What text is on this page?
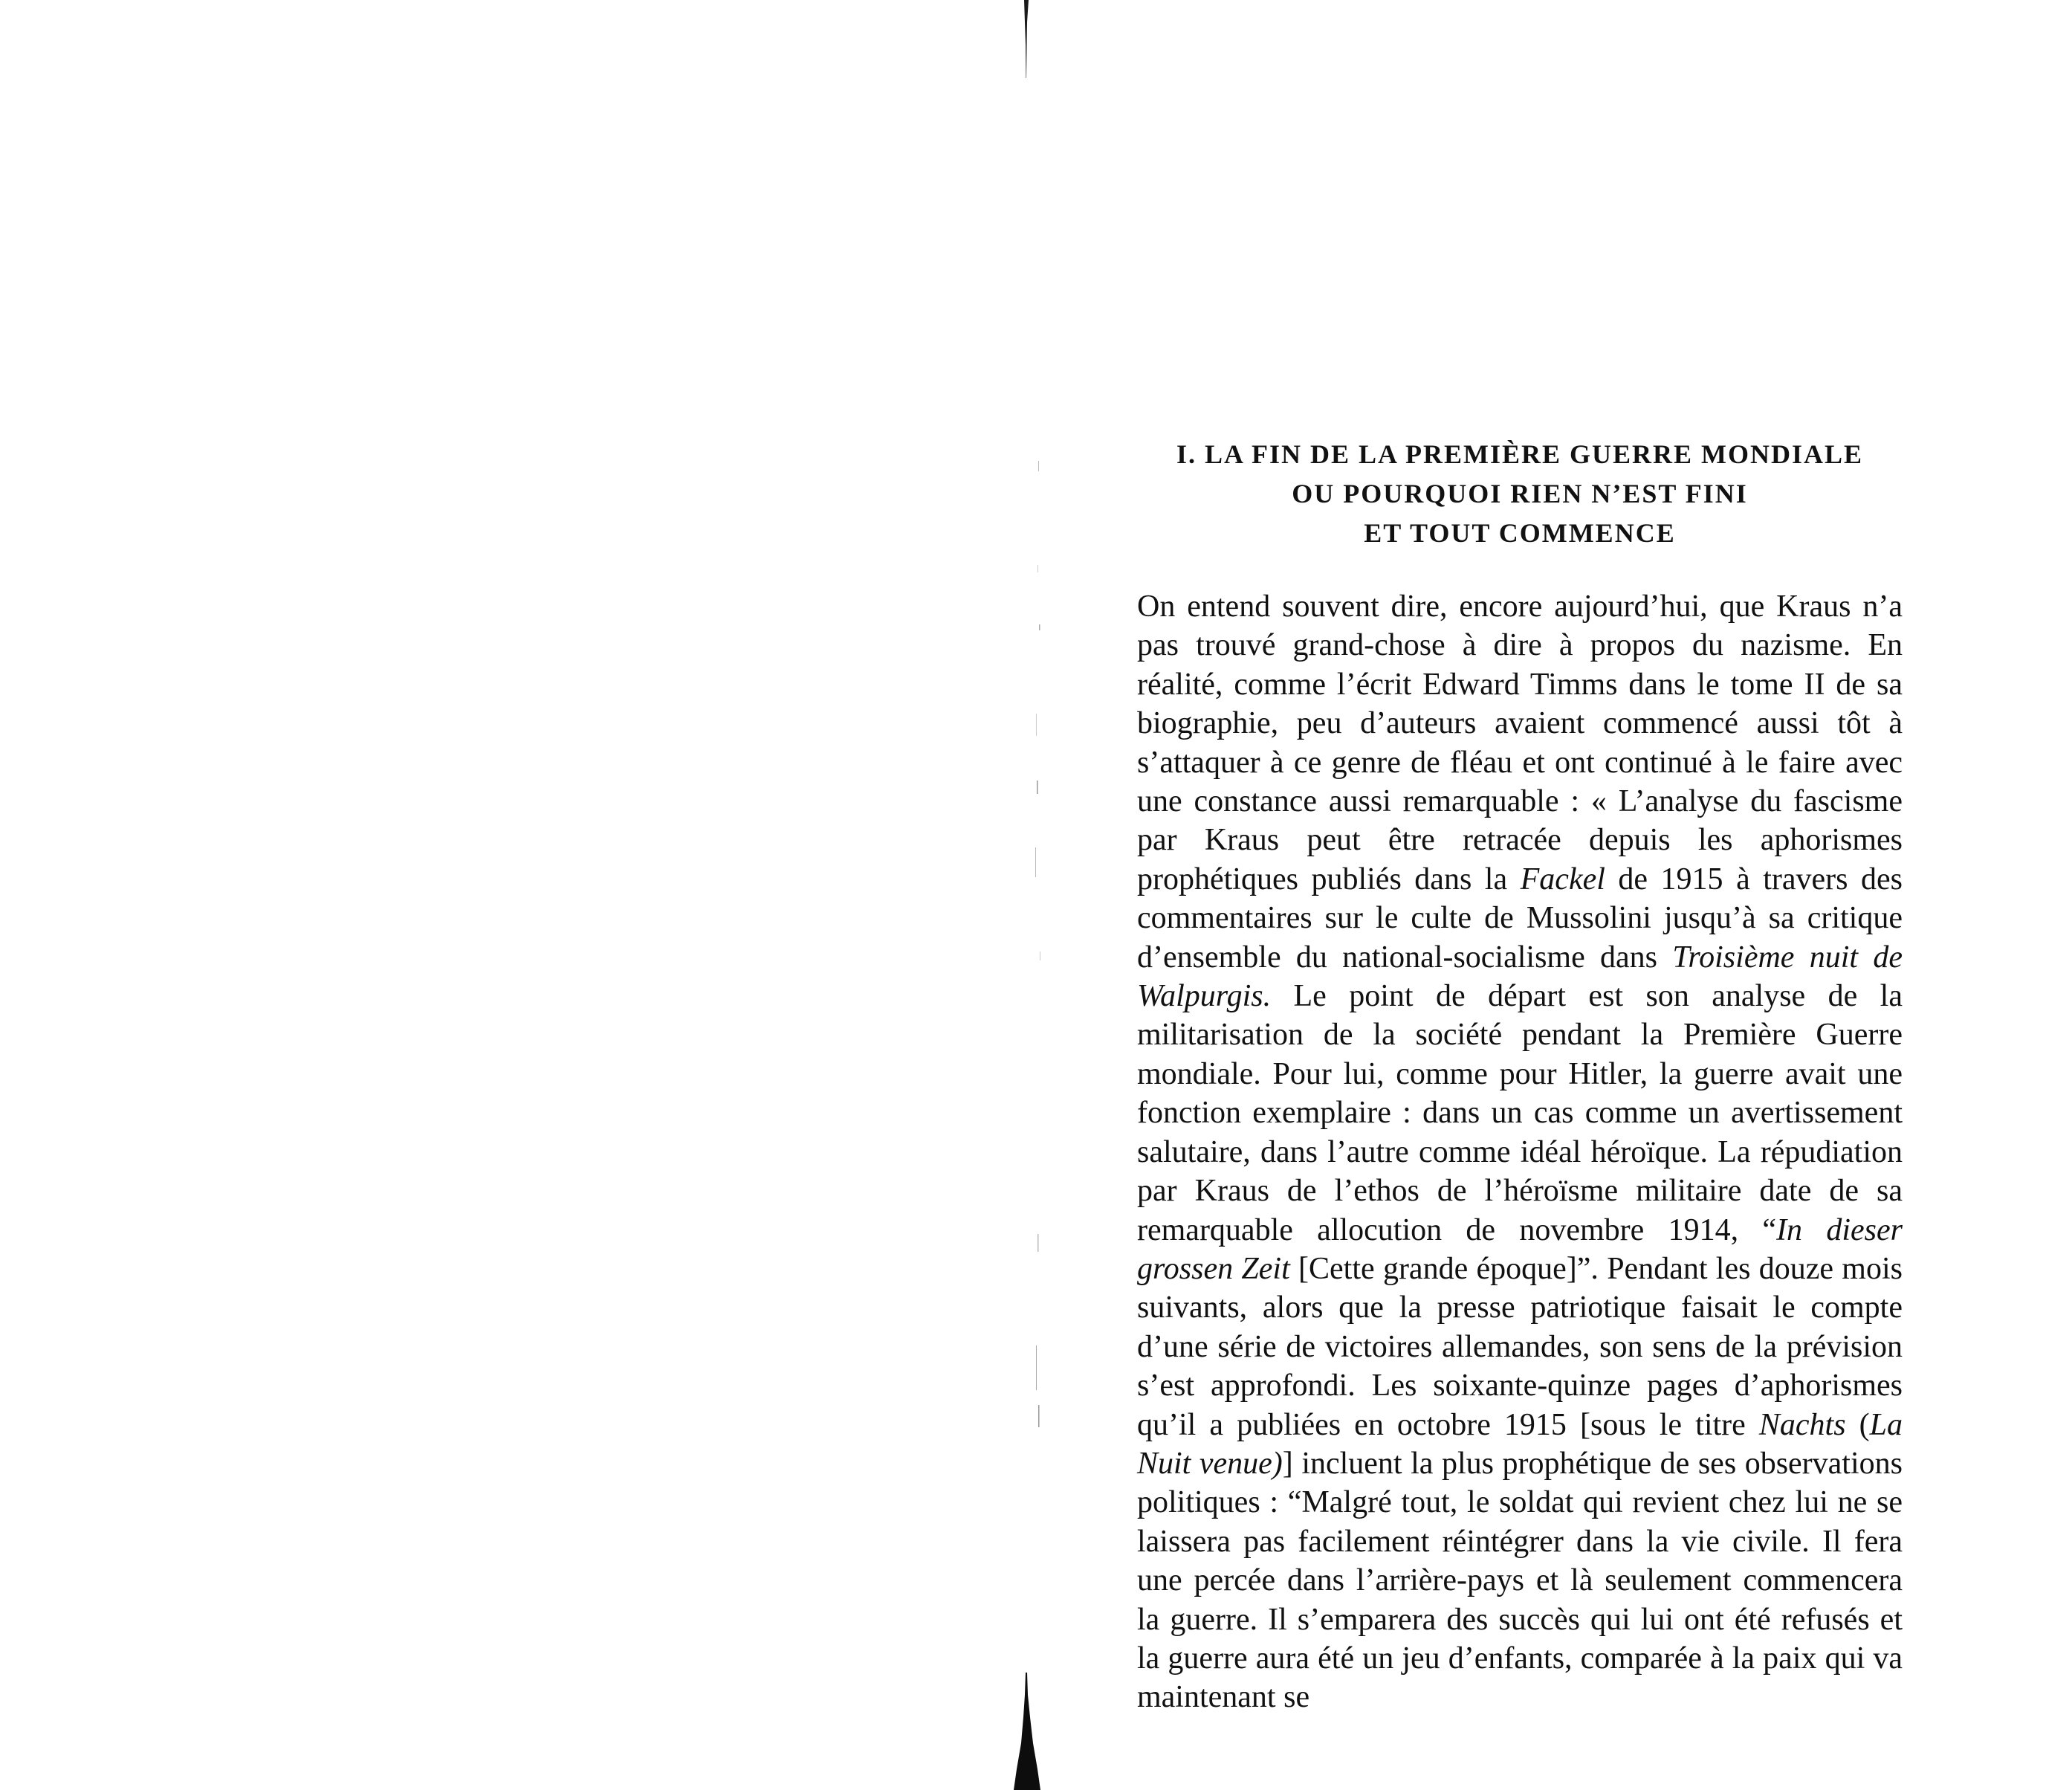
I. LA FIN DE LA PREMIÈRE GUERRE MONDIALE
OU POURQUOI RIEN N’EST FINI
ET TOUT COMMENCE

On entend souvent dire, encore aujourd’hui, que Kraus n’a pas trouvé grand-chose à dire à propos du nazisme. En réalité, comme l’écrit Edward Timms dans le tome II de sa biographie, peu d’auteurs avaient commencé aussi tôt à s’attaquer à ce genre de fléau et ont continué à le faire avec une constance aussi remarquable : « L’analyse du fascisme par Kraus peut être retracée depuis les aphorismes prophétiques publiés dans la Fackel de 1915 à travers des commentaires sur le culte de Mussolini jusqu’à sa critique d’ensemble du national-socialisme dans Troisième nuit de Walpurgis. Le point de départ est son analyse de la militarisation de la société pendant la Première Guerre mondiale. Pour lui, comme pour Hitler, la guerre avait une fonction exemplaire : dans un cas comme un avertissement salutaire, dans l’autre comme idéal héroïque. La répudiation par Kraus de l’ethos de l’héroïsme militaire date de sa remarquable allocution de novembre 1914, “In dieser grossen Zeit [Cette grande époque]”. Pendant les douze mois suivants, alors que la presse patriotique faisait le compte d’une série de victoires allemandes, son sens de la prévision s’est approfondi. Les soixante-quinze pages d’aphorismes qu’il a publiées en octobre 1915 [sous le titre Nachts (La Nuit venue)] incluent la plus prophétique de ses observations politiques : “Malgré tout, le soldat qui revient chez lui ne se laissera pas facilement réintégrer dans la vie civile. Il fera une percée dans l’arrière-pays et là seulement commencera la guerre. Il s’emparera des succès qui lui ont été refusés et la guerre aura été un jeu d’enfants, comparée à la paix qui va maintenant se
